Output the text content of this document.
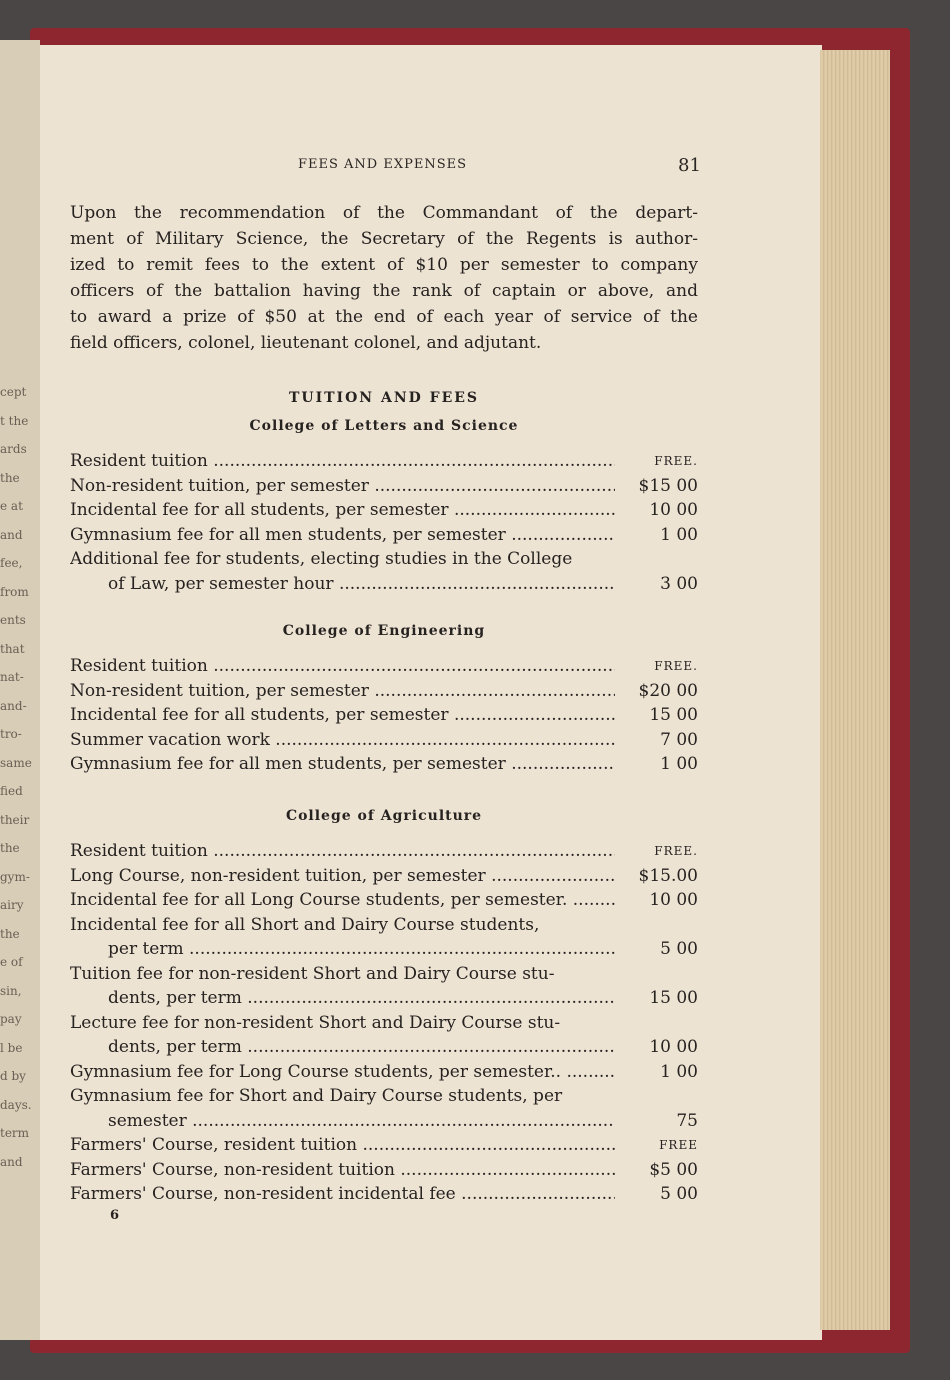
cept
t the
ards
the
e at
and
fee,
from
ents
that
nat-
and-
tro-
same
fied
their
the
gym-
airy
the
e of
sin,
pay
l be
d by
days.
term
and
FEES AND EXPENSES	81
Upon the recommendation of the Commandant of the depart-
ment of Military Science, the Secretary of the Regents is author-
ized to remit fees to the extent of $10 per semester to company
officers of the battalion having the rank of captain or above, and
to award a prize of $50 at the end of each year of service of the
field officers, colonel, lieutenant colonel, and adjutant.
TUITION AND FEES
College of Letters and Science
Resident tuition .....	FREE.
Non-resident tuition, per semester .....	$15 00
Incidental fee for all students, per semester .....	10 00
Gymnasium fee for all men students, per semester .....	1 00
Additional fee for students, electing studies in the College
of Law, per semester hour .....	3 00
College of Engineering
Resident tuition .....	FREE.
Non-resident tuition, per semester .....	$20 00
Incidental fee for all students, per semester .....	15 00
Summer vacation work .....	7 00
Gymnasium fee for all men students, per semester .....	1 00
College of Agriculture
Resident tuition .....	FREE.
Long Course, non-resident tuition, per semester .....	$15.00
Incidental fee for all Long Course students, per semester. .....	10 00
Incidental fee for all Short and Dairy Course students,
per term .....	5 00
Tuition fee for non-resident Short and Dairy Course stu-
dents, per term .....	15 00
Lecture fee for non-resident Short and Dairy Course stu-
dents, per term .....	10 00
Gymnasium fee for Long Course students, per semester.. .....	1 00
Gymnasium fee for Short and Dairy Course students, per
semester .....	75
Farmers' Course, resident tuition .....	FREE
Farmers' Course, non-resident tuition .....	$5 00
Farmers' Course, non-resident incidental fee .....	5 00
6
